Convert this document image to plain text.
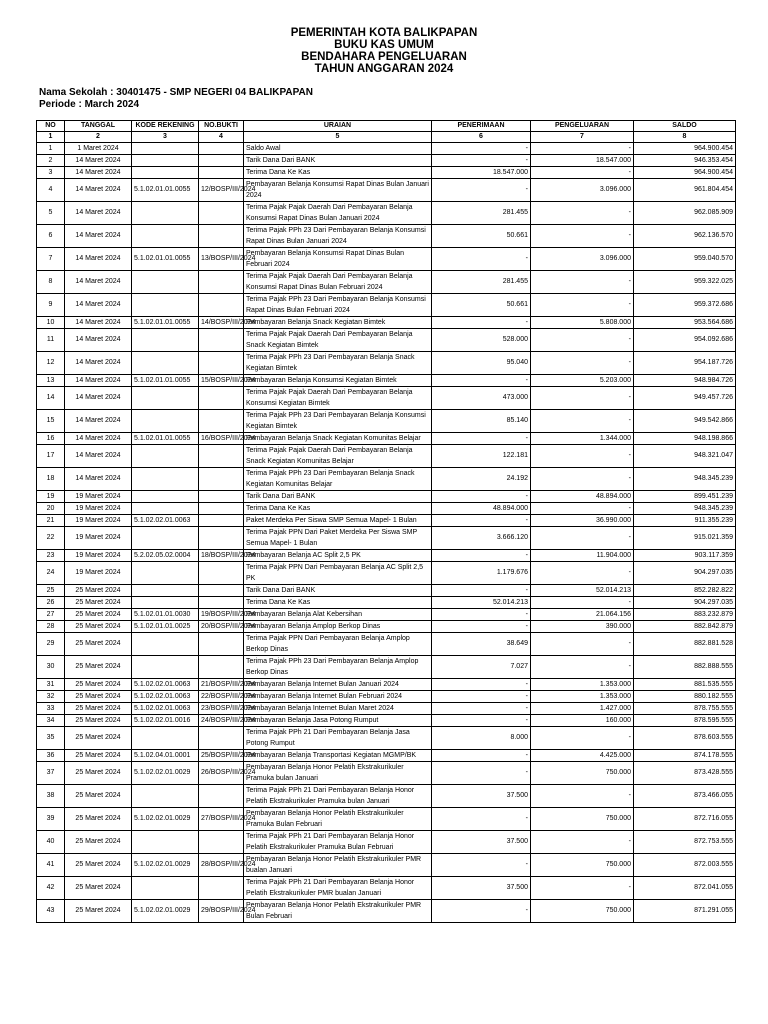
PEMERINTAH KOTA BALIKPAPAN
BUKU KAS UMUM
BENDAHARA PENGELUARAN
TAHUN ANGGARAN 2024
Nama Sekolah : 30401475 - SMP NEGERI 04 BALIKPAPAN
Periode : March 2024
NO	TANGGAL	KODE REKENING	NO.BUKTI	URAIAN	PENERIMAAN	PENGELUARAN	SALDO
1	2	3	4	5	6	7	8
1	1 Maret 2024			Saldo Awal	-	-	964.900.454
2	14 Maret 2024			Tarik Dana Dari BANK	-	18.547.000	946.353.454
3	14 Maret 2024			Terima Dana Ke Kas	18.547.000	-	964.900.454
4	14 Maret 2024	5.1.02.01.01.0055	12/BOSP/III/2024	Pembayaran Belanja Konsumsi Rapat Dinas Bulan Januari 2024	-	3.096.000	961.804.454
5	14 Maret 2024			Terima Pajak Pajak Daerah Dari Pembayaran Belanja Konsumsi Rapat Dinas Bulan Januari 2024	281.455	-	962.085.909
6	14 Maret 2024			Terima Pajak PPh 23 Dari Pembayaran Belanja Konsumsi Rapat Dinas Bulan Januari 2024	50.661	-	962.136.570
7	14 Maret 2024	5.1.02.01.01.0055	13/BOSP/III/2024	Pembayaran Belanja Konsumsi Rapat Dinas Bulan Februari 2024	-	3.096.000	959.040.570
8	14 Maret 2024			Terima Pajak Pajak Daerah Dari Pembayaran Belanja Konsumsi Rapat Dinas Bulan Februari 2024	281.455	-	959.322.025
9	14 Maret 2024			Terima Pajak PPh 23 Dari Pembayaran Belanja Konsumsi Rapat Dinas Bulan Februari 2024	50.661	-	959.372.686
10	14 Maret 2024	5.1.02.01.01.0055	14/BOSP/III/2024	Pembayaran Belanja Snack Kegiatan Bimtek	-	5.808.000	953.564.686
11	14 Maret 2024			Terima Pajak Pajak Daerah Dari Pembayaran Belanja Snack Kegiatan Bimtek	528.000	-	954.092.686
12	14 Maret 2024			Terima Pajak PPh 23 Dari Pembayaran Belanja Snack Kegiatan Bimtek	95.040	-	954.187.726
13	14 Maret 2024	5.1.02.01.01.0055	15/BOSP/III/2024	Pembayaran Belanja Konsumsi Kegiatan Bimtek	-	5.203.000	948.984.726
14	14 Maret 2024			Terima Pajak Pajak Daerah Dari Pembayaran Belanja Konsumsi Kegiatan Bimtek	473.000	-	949.457.726
15	14 Maret 2024			Terima Pajak PPh 23 Dari Pembayaran Belanja Konsumsi Kegiatan Bimtek	85.140	-	949.542.866
16	14 Maret 2024	5.1.02.01.01.0055	16/BOSP/III/2024	Pembayaran Belanja Snack Kegiatan Komunitas Belajar	-	1.344.000	948.198.866
17	14 Maret 2024			Terima Pajak Pajak Daerah Dari Pembayaran Belanja Snack Kegiatan Komunitas Belajar	122.181	-	948.321.047
18	14 Maret 2024			Terima Pajak PPh 23 Dari Pembayaran Belanja Snack Kegiatan Komunitas Belajar	24.192	-	948.345.239
19	19 Maret 2024			Tarik Dana Dari BANK	-	48.894.000	899.451.239
20	19 Maret 2024			Terima Dana Ke Kas	48.894.000	-	948.345.239
21	19 Maret 2024	5.1.02.02.01.0063		Paket Merdeka Per Siswa SMP Semua Mapel- 1 Bulan	-	36.990.000	911.355.239
22	19 Maret 2024			Terima Pajak PPN Dari Paket Merdeka Per Siswa SMP Semua Mapel- 1 Bulan	3.666.120	-	915.021.359
23	19 Maret 2024	5.2.02.05.02.0004	18/BOSP/III/2024	Pembayaran Belanja AC Split 2,5 PK	-	11.904.000	903.117.359
24	19 Maret 2024			Terima Pajak PPN Dari Pembayaran Belanja AC Split 2,5 PK	1.179.676	-	904.297.035
25	25 Maret 2024			Tarik Dana Dari BANK	-	52.014.213	852.282.822
26	25 Maret 2024			Terima Dana Ke Kas	52.014.213	-	904.297.035
27	25 Maret 2024	5.1.02.01.01.0030	19/BOSP/III/2024	Pembayaran Belanja Alat Kebersihan	-	21.064.156	883.232.879
28	25 Maret 2024	5.1.02.01.01.0025	20/BOSP/III/2024	Pembayaran Belanja Amplop Berkop Dinas	-	390.000	882.842.879
29	25 Maret 2024			Terima Pajak PPN Dari Pembayaran Belanja Amplop Berkop Dinas	38.649	-	882.881.528
30	25 Maret 2024			Terima Pajak PPh 23 Dari Pembayaran Belanja Amplop Berkop Dinas	7.027	-	882.888.555
31	25 Maret 2024	5.1.02.02.01.0063	21/BOSP/III/2024	Pembayaran Belanja Internet Bulan Januari 2024	-	1.353.000	881.535.555
32	25 Maret 2024	5.1.02.02.01.0063	22/BOSP/III/2024	Pembayaran Belanja Internet Bulan Februari 2024	-	1.353.000	880.182.555
33	25 Maret 2024	5.1.02.02.01.0063	23/BOSP/III/2024	Pembayaran Belanja Internet Bulan Maret 2024	-	1.427.000	878.755.555
34	25 Maret 2024	5.1.02.02.01.0016	24/BOSP/III/2024	Pembayaran Belanja Jasa Potong Rumput	-	160.000	878.595.555
35	25 Maret 2024			Terima Pajak PPh 21 Dari Pembayaran Belanja Jasa Potong Rumput	8.000	-	878.603.555
36	25 Maret 2024	5.1.02.04.01.0001	25/BOSP/III/2024	Pembayaran Belanja Transportasi Kegiatan MGMP/BK	-	4.425.000	874.178.555
37	25 Maret 2024	5.1.02.02.01.0029	26/BOSP/III/2024	Pembayaran Belanja Honor Pelatih Ekstrakurikuler Pramuka bulan Januari	-	750.000	873.428.555
38	25 Maret 2024			Terima Pajak PPh 21 Dari Pembayaran Belanja Honor Pelatih Ekstrakurikuler Pramuka bulan Januari	37.500	-	873.466.055
39	25 Maret 2024	5.1.02.02.01.0029	27/BOSP/III/2024	Pembayaran Belanja Honor Pelatih Ekstrakurikuler Pramuka Bulan Februari	-	750.000	872.716.055
40	25 Maret 2024			Terima Pajak PPh 21 Dari Pembayaran Belanja Honor Pelatih Ekstrakurikuler Pramuka Bulan Februari	37.500	-	872.753.555
41	25 Maret 2024	5.1.02.02.01.0029	28/BOSP/III/2024	Pembayaran Belanja Honor Pelatih Ekstrakurikuler PMR bualan Januari	-	750.000	872.003.555
42	25 Maret 2024			Terima Pajak PPh 21 Dari Pembayaran Belanja Honor Pelatih Ekstrakurikuler PMR bualan Januari	37.500	-	872.041.055
43	25 Maret 2024	5.1.02.02.01.0029	29/BOSP/III/2024	Pembayaran Belanja Honor Pelatih Ekstrakurikuler PMR Bulan Februari	-	750.000	871.291.055
